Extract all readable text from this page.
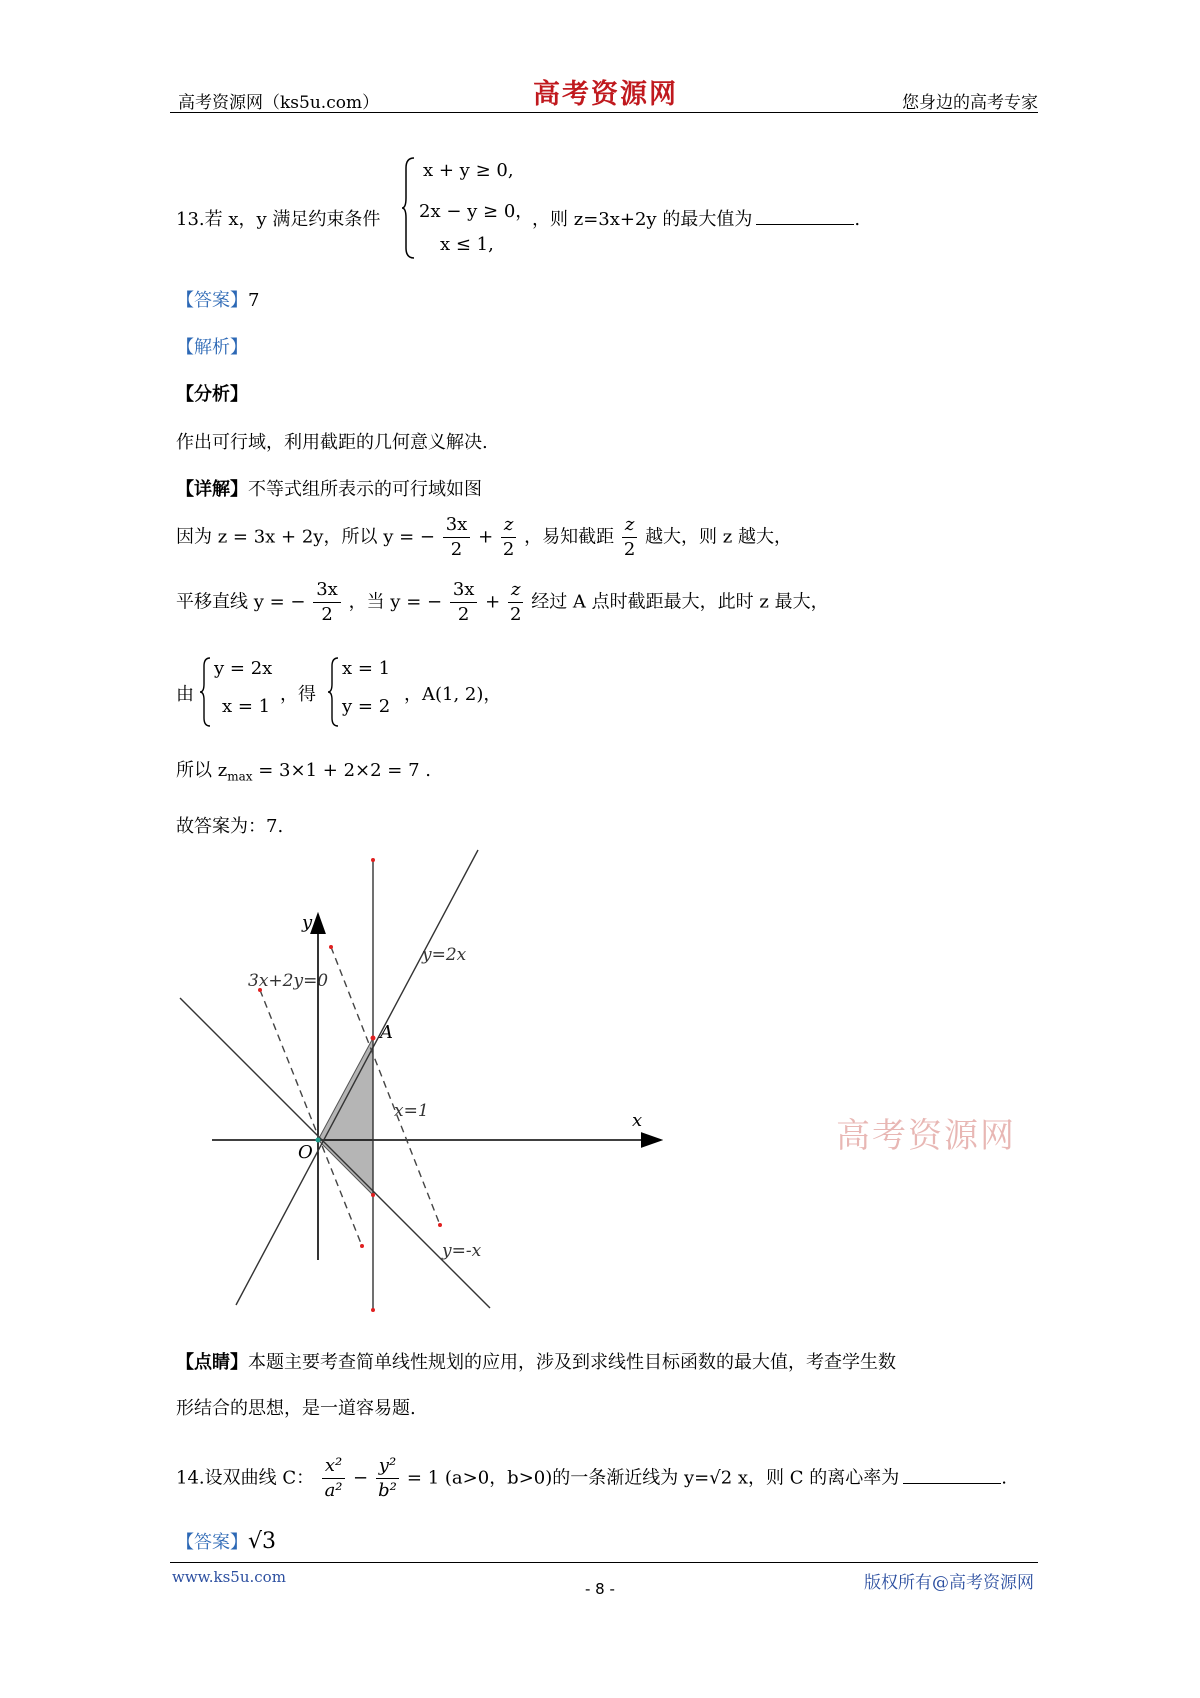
高考资源网（ks5u.com）	高考资源网	您身边的高考专家
13.若 x，y 满足约束条件
x + y ≥ 0,
2x − y ≥ 0，
x ≤ 1,
，则 z=3x+2y 的最大值为	.
【答案】7
【解析】
【分析】
作出可行域，利用截距的几何意义解决.
【详解】不等式组所表示的可行域如图
因为 z = 3x + 2y，所以 y = − $\frac{3x}{2} + \frac{z}{2}$ ，易知截距 $\frac{z}{2}$ 越大，则 z 越大，
平移直线 y = − $\frac{3x}{2}$ ，当 y = − $\frac{3x}{2} + \frac{z}{2}$ 经过 A 点时截距最大，此时 z 最大，
由
y = 2x
x = 1
，得
x = 1
y = 2
，A(1, 2)，
所以 $z_{max} = 3\times 1 + 2\times 2 = 7$ .
故答案为：7.
y
x
O
A
y=2x
y=-x
x=1
3x+2y=0
高考资源网
【点睛】本题主要考查简单线性规划的应用，涉及到求线性目标函数的最大值，考查学生数
形结合的思想，是一道容易题.
14.设双曲线 C： $\frac{\text{x²}}{\text{a²}} - \frac{\text{y²}}{\text{b²}} = 1$ (a>0，b>0)的一条渐近线为 y=√2 x，则 C 的离心率为	.
【答案】√3
www.ks5u.com
- 8 -	版权所有@高考资源网
